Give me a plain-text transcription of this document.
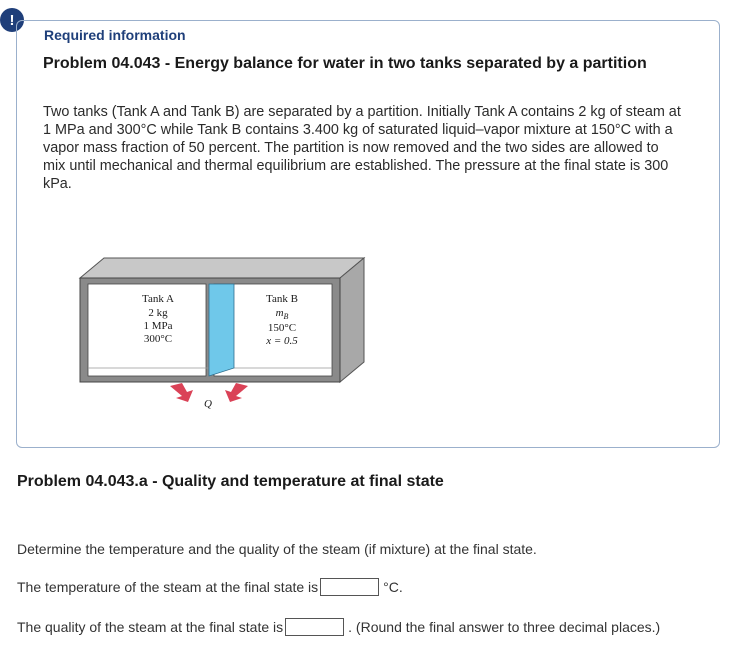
!
Required information
Problem 04.043 - Energy balance for water in two tanks separated by a partition
Two tanks (Tank A and Tank B) are separated by a partition. Initially Tank A contains 2 kg of steam at 1 MPa and 300°C while Tank B contains 3.400 kg of saturated liquid–vapor mixture at 150°C with a vapor mass fraction of 50 percent. The partition is now removed and the two sides are allowed to mix until mechanical and thermal equilibrium are established. The pressure at the final state is 300 kPa.
Tank A
2 kg
1 MPa
300°C
Tank B
$m_B$
150°C
x = 0.5
Q
Problem 04.043.a - Quality and temperature at final state
Determine the temperature and the quality of the steam (if mixture) at the final state.
The temperature of the steam at the final state is	°C.
The quality of the steam at the final state is	. (Round the final answer to three decimal places.)
